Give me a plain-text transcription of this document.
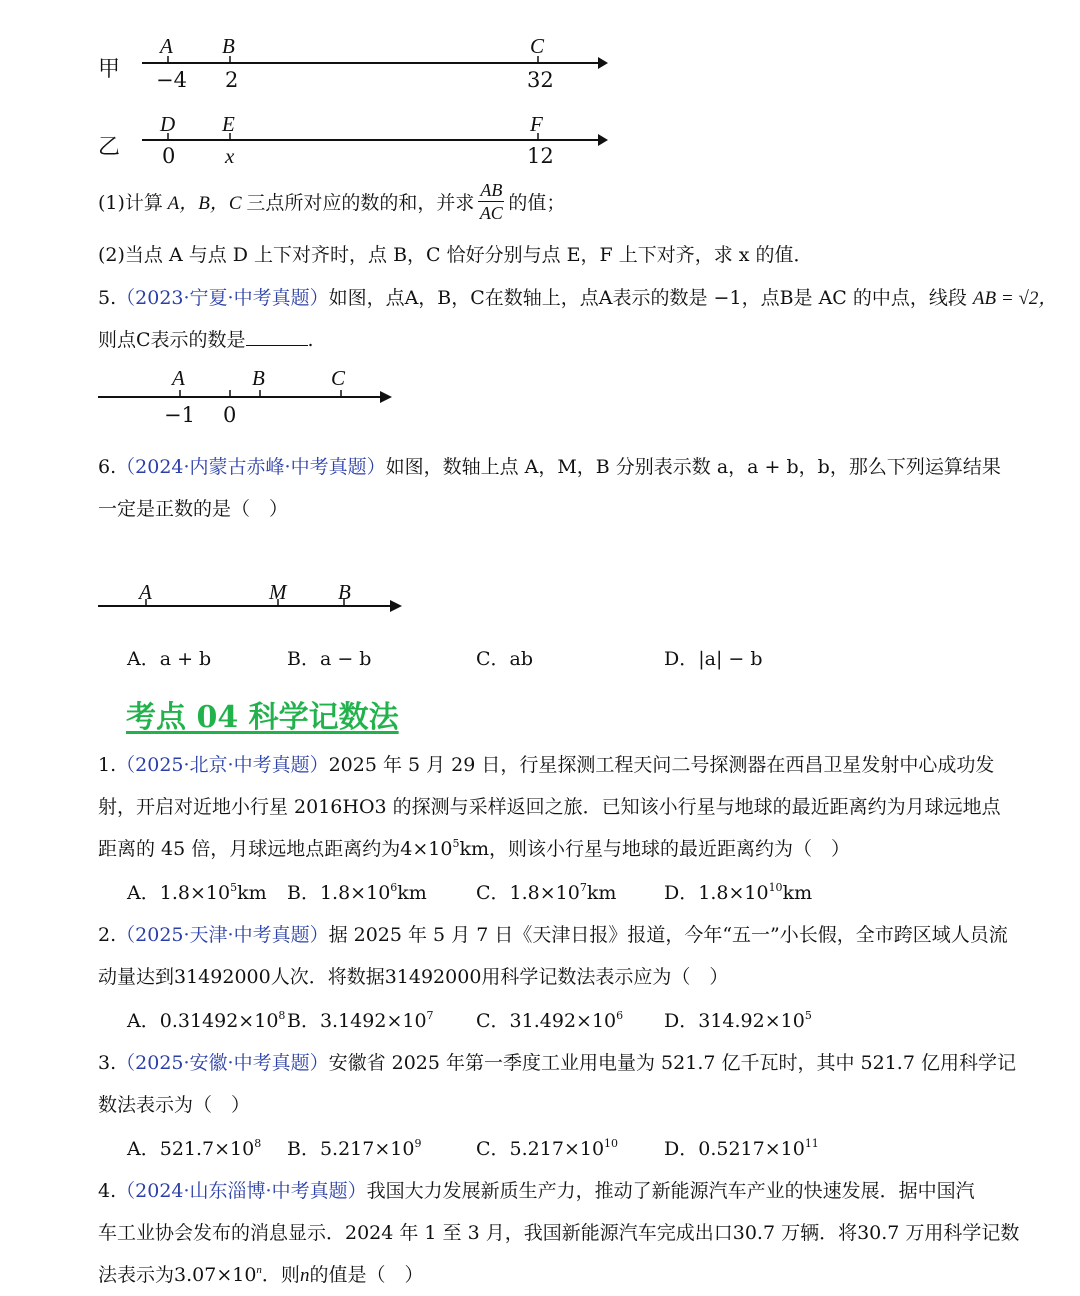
甲
A B	C
−4 2	32
乙
D E	F
0 x	12
(1)计算 A，B，C 三点所对应的数的和，并求 $\frac{AB}{AC}$ 的值；
(2)当点 A 与点 D 上下对齐时，点 B，C 恰好分别与点 E，F 上下对齐，求 x 的值．
5.（2023·宁夏·中考真题）如图，点A，B，C在数轴上，点A表示的数是 −1，点B是 AC 的中点，线段 AB = √2，
则点C表示的数是	.
A	B	C
−1 0
6.（2024·内蒙古赤峰·中考真题）如图，数轴上点 A，M，B 分别表示数 a，a + b，b，那么下列运算结果
一定是正数的是（　）
A	M B
A．a + b	B．a − b	C．ab	D．|a| − b
考点 04 科学记数法
1.（2025·北京·中考真题）2025 年 5 月 29 日，行星探测工程天问二号探测器在西昌卫星发射中心成功发
射，开启对近地小行星 2016HO3 的探测与采样返回之旅．已知该小行星与地球的最近距离约为月球远地点
距离的 45 倍，月球远地点距离约为$4\times 10^5km$，则该小行星与地球的最近距离约为（　）
A．$1.8\times 10^5km$ B．$1.8\times 10^6km$	C．$1.8\times 10^7km$	D．$1.8\times 10^{10}km$
2.（2025·天津·中考真题）据 2025 年 5 月 7 日《天津日报》报道，今年“五一”小长假，全市跨区域人员流
动量达到31492000人次．将数据31492000用科学记数法表示应为（　）
A．$0.31492\times 10^8$ B．$3.1492\times 10^7$ C．$31.492\times 10^6$ D．$314.92\times 10^5$
3.（2025·安徽·中考真题）安徽省 2025 年第一季度工业用电量为 521.7 亿千瓦时，其中 521.7 亿用科学记
数法表示为（　）
A．$521.7\times 10^8$ B．$5.217\times 10^9$	C．$5.217\times 10^{10}$ D．$0.5217\times 10^{11}$
4.（2024·山东淄博·中考真题）我国大力发展新质生产力，推动了新能源汽车产业的快速发展．据中国汽
车工业协会发布的消息显示．2024 年 1 至 3 月，我国新能源汽车完成出口30.7 万辆．将30.7 万用科学记数
法表示为$3.07\times 10^n$．则n的值是（　）
